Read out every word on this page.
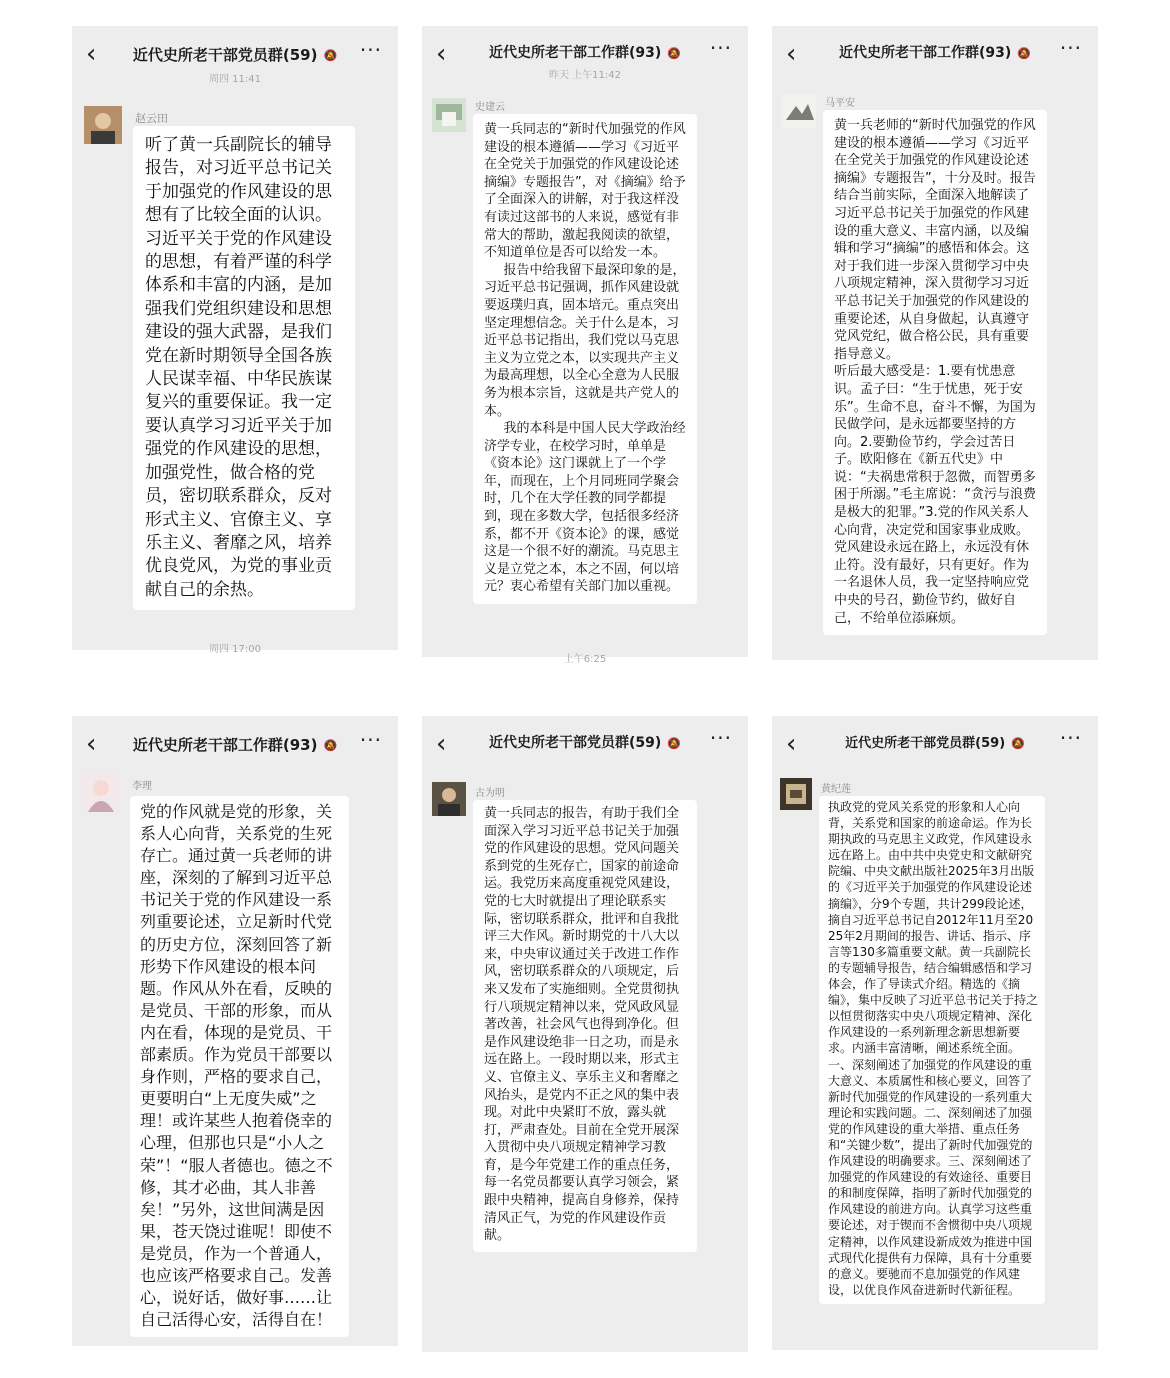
‹	近代史所老干部党员群(59) 🔕	···
周四 11:41
赵云田

听了黄一兵副院长的辅导报告，对习近平总书记关于加强党的作风建设的思想有了比较全面的认识。习近平关于党的作风建设的思想，有着严谨的科学体系和丰富的内涵，是加强我们党组织建设和思想建设的强大武器，是我们党在新时期领导全国各族人民谋幸福、中华民族谋复兴的重要保证。我一定要认真学习习近平关于加强党的作风建设的思想，加强党性，做合格的党员，密切联系群众，反对形式主义、官僚主义、享乐主义、奢靡之风，培养优良党风，为党的事业贡献自己的余热。

周四 17:00
‹	近代史所老干部工作群(93) 🔕	···
昨天 上午11:42
史建云

黄一兵同志的“新时代加强党的作风建设的根本遵循——学习《习近平在全党关于加强党的作风建设论述摘编》专题报告”，对《摘编》给予了全面深入的讲解，对于我这样没有读过这部书的人来说，感觉有非常大的帮助，激起我阅读的欲望，不知道单位是否可以给发一本。

报告中给我留下最深印象的是，习近平总书记强调，抓作风建设就要返璞归真，固本培元。重点突出坚定理想信念。关于什么是本，习近平总书记指出，我们党以马克思主义为立党之本，以实现共产主义为最高理想，以全心全意为人民服务为根本宗旨，这就是共产党人的本。

我的本科是中国人民大学政治经济学专业，在校学习时，单单是《资本论》这门课就上了一个学年，而现在，上个月同班同学聚会时，几个在大学任教的同学都提到，现在多数大学，包括很多经济系，都不开《资本论》的课，感觉这是一个很不好的潮流。马克思主义是立党之本，本之不固，何以培元？衷心希望有关部门加以重视。

上午6:25
‹	近代史所老干部工作群(93) 🔕	···
马平安

黄一兵老师的“新时代加强党的作风建设的根本遵循——学习《习近平在全党关于加强党的作风建设论述摘编》专题报告”，十分及时。报告结合当前实际，全面深入地解读了习近平总书记关于加强党的作风建设的重大意义、丰富内涵，以及编辑和学习“摘编”的感悟和体会。这对于我们进一步深入贯彻学习中央八项规定精神，深入贯彻学习习近平总书记关于加强党的作风建设的重要论述，从自身做起，认真遵守党风党纪，做合格公民，具有重要指导意义。

听后最大感受是：1.要有忧患意识。孟子曰：“生于忧患，死于安乐”。生命不息，奋斗不懈，为国为民做学问，是永远都要坚持的方向。2.要勤俭节约，学会过苦日子。欧阳修在《新五代史》中说：“夫祸患常积于忽微，而智勇多困于所溺。”毛主席说：“贪污与浪费是极大的犯罪。”3.党的作风关系人心向背，决定党和国家事业成败。党风建设永远在路上，永远没有休止符。没有最好，只有更好。作为一名退休人员，我一定坚持响应党中央的号召，勤俭节约，做好自己，不给单位添麻烦。

‹	近代史所老干部工作群(93) 🔕	···
李理

党的作风就是党的形象，关系人心向背，关系党的生死存亡。通过黄一兵老师的讲座，深刻的了解到习近平总书记关于党的作风建设一系列重要论述，立足新时代党的历史方位，深刻回答了新形势下作风建设的根本问题。作风从外在看，反映的是党员、干部的形象，而从内在看，体现的是党员、干部素质。作为党员干部要以身作则，严格的要求自己，更要明白“上无度失威”之理！或许某些人抱着侥幸的心理，但那也只是“小人之荣”！“服人者德也。德之不修，其才必曲，其人非善矣！”另外，这世间满是因果，苍天饶过谁呢！即使不是党员，作为一个普通人，也应该严格要求自己。发善心，说好话，做好事……让自己活得心安，活得自在！

‹	近代史所老干部党员群(59) 🔕	···
古为明

黄一兵同志的报告，有助于我们全面深入学习习近平总书记关于加强党的作风建设的思想。党风问题关系到党的生死存亡，国家的前途命运。我党历来高度重视党风建设，党的七大时就提出了理论联系实际，密切联系群众，批评和自我批评三大作风。新时期党的十八大以来，中央审议通过关于改进工作作风，密切联系群众的八项规定，后来又发布了实施细则。全党贯彻执行八项规定精神以来，党风政风显著改善，社会风气也得到净化。但是作风建设绝非一日之功，而是永远在路上。一段时期以来，形式主义、官僚主义、享乐主义和奢靡之风抬头，是党内不正之风的集中表现。对此中央紧盯不放，露头就打，严肃查处。目前在全党开展深入贯彻中央八项规定精神学习教育，是今年党建工作的重点任务，每一名党员都要认真学习领会，紧跟中央精神，提高自身修养，保持清风正气，为党的作风建设作贡献。

‹	近代史所老干部党员群(59) 🔕	···
黄纪莲

执政党的党风关系党的形象和人心向背，关系党和国家的前途命运。作为长期执政的马克思主义政党，作风建设永远在路上。由中共中央党史和文献研究院编、中央文献出版社2025年3月出版的《习近平关于加强党的作风建设论述摘编》，分9个专题，共计299段论述，摘自习近平总书记自2012年11月至2025年2月期间的报告、讲话、指示、序言等130多篇重要文献。黄一兵副院长的专题辅导报告，结合编辑感悟和学习体会，作了导读式介绍。精选的《摘编》，集中反映了习近平总书记关于持之以恒贯彻落实中央八项规定精神、深化作风建设的一系列新理念新思想新要求。内涵丰富清晰，阐述系统全面。一、深刻阐述了加强党的作风建设的重大意义、本质属性和核心要义，回答了新时代加强党的作风建设的一系列重大理论和实践问题。二、深刻阐述了加强党的作风建设的重大举措、重点任务和“关键少数”，提出了新时代加强党的作风建设的明确要求。三、深刻阐述了加强党的作风建设的有效途径、重要目的和制度保障，指明了新时代加强党的作风建设的前进方向。认真学习这些重要论述，对于锲而不舍惯彻中央八项规定精神，以作风建设新成效为推进中国式现代化提供有力保障，具有十分重要的意义。要驰而不息加强党的作风建设，以优良作风奋进新时代新征程。
